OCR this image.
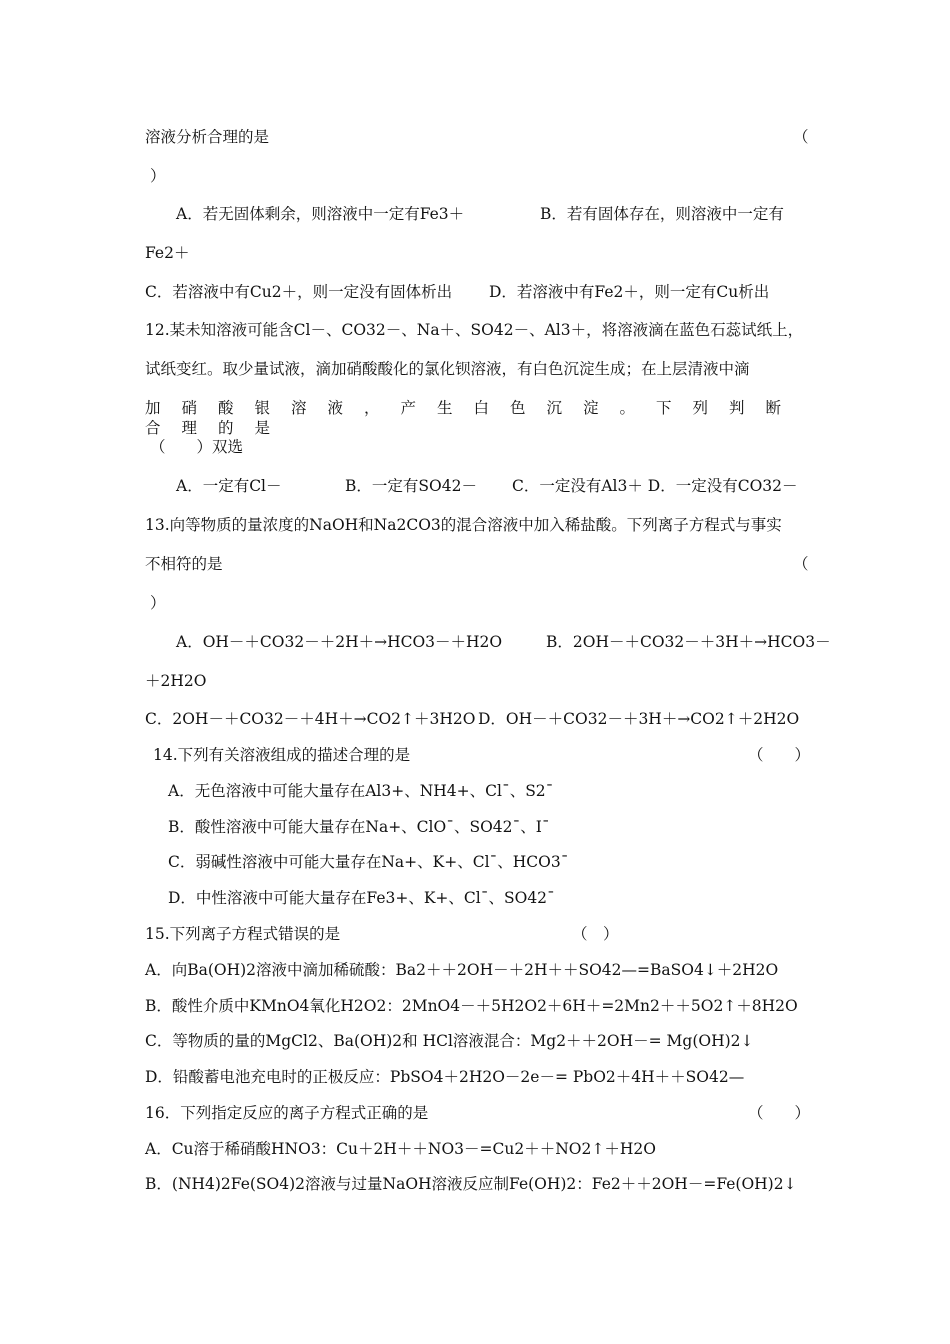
溶液分析合理的是	（
）
A．若无固体剩余，则溶液中一定有Fe3＋	B．若有固体存在，则溶液中一定有
Fe2＋
C．若溶液中有Cu2＋，则一定没有固体析出 D．若溶液中有Fe2＋，则一定有Cu析出
12.某未知溶液可能含Cl－、CO32－、Na＋、SO42－、Al3＋，将溶液滴在蓝色石蕊试纸上，
试纸变红。取少量试液，滴加硝酸酸化的氯化钡溶液，有白色沉淀生成；在上层清液中滴
加硝酸银溶液，产生白色沉淀。下列判断合理的是
（　　）双选
A．一定有Cl－	B．一定有SO42－ C．一定没有Al3＋ D．一定没有CO32－
13.向等物质的量浓度的NaOH和Na2CO3的混合溶液中加入稀盐酸。下列离子方程式与事实
不相符的是	（
）
A．OH－＋CO32－＋2H＋→HCO3－＋H2O	B．2OH－＋CO32－＋3H＋→HCO3－
＋2H2O
C．2OH－＋CO32－＋4H＋→CO2↑＋3H2O D．OH－＋CO32－＋3H＋→CO2↑＋2H2O
14.下列有关溶液组成的描述合理的是	（　　）
A．无色溶液中可能大量存在Al3+、NH4+、Cl¯、S2¯
B．酸性溶液中可能大量存在Na+、ClO¯、SO42¯、I¯
C．弱碱性溶液中可能大量存在Na+、K+、Cl¯、HCO3¯
D．中性溶液中可能大量存在Fe3+、K+、Cl¯、SO42¯
15.下列离子方程式错误的是	（　）
A．向Ba(OH)2溶液中滴加稀硫酸：Ba2＋＋2OH－＋2H＋＋SO42—=BaSO4↓＋2H2O
B．酸性介质中KMnO4氧化H2O2：2MnO4－＋5H2O2＋6H＋=2Mn2＋＋5O2↑＋8H2O
C．等物质的量的MgCl2、Ba(OH)2和 HCl溶液混合：Mg2＋＋2OH－= Mg(OH)2↓
D．铅酸蓄电池充电时的正极反应：PbSO4＋2H2O－2e－= PbO2＋4H＋＋SO42—
16．下列指定反应的离子方程式正确的是	（　　）
A．Cu溶于稀硝酸HNO3：Cu＋2H＋＋NO3－=Cu2＋＋NO2↑＋H2O
B．(NH4)2Fe(SO4)2溶液与过量NaOH溶液反应制Fe(OH)2：Fe2＋＋2OH－=Fe(OH)2↓
